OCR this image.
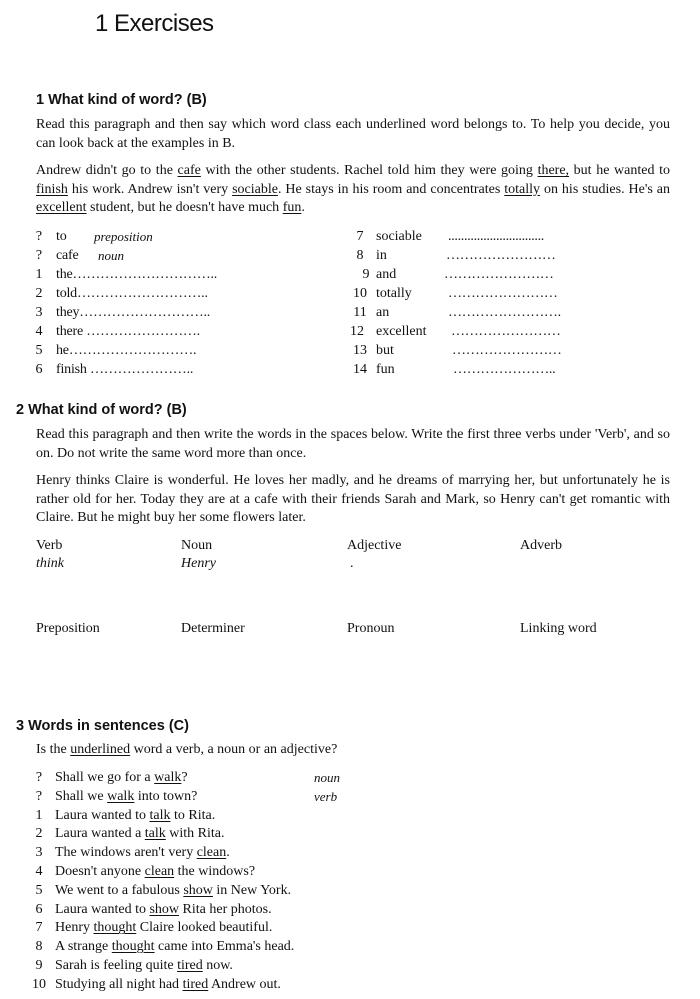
1 Exercises
1 What kind of word? (B)
Read this paragraph and then say which word class each underlined word belongs to. To help you decide, you can look back at the examples in B.
Andrew didn't go to the cafe with the other students. Rachel told him they were going there, but he wanted to finish his work. Andrew isn't very sociable. He stays in his room and concentrates totally on his studies. He's an excellent student, but he doesn't have much fun.
? to preposition
? cafe noun
1 the…………………………..
2 told………………………..
3 they………………………..
4 there …………………….
5 he……………………….
6 finish …………………..
7 sociable ..............................
8 in	……………………
9 and	……………………
10 totally	……………………
11 an	…………………….
12 excellent ……………………
13 but	……………………
14 fun	…………………..
2 What kind of word? (B)
Read this paragraph and then write the words in the spaces below. Write the first three verbs under 'Verb', and so on. Do not write the same word more than once.
Henry thinks Claire is wonderful. He loves her madly, and he dreams of marrying her, but unfortunately he is rather old for her. Today they are at a cafe with their friends Sarah and Mark, so Henry can't get romantic with Claire. But he might buy her some flowers later.
Verb	Noun	Adjective	Adverb
think	Henry	.
Preposition	Determiner	Pronoun	Linking word
3 Words in sentences (C)
Is the underlined word a verb, a noun or an adjective?
? Shall we go for a walk?	noun
? Shall we walk into town?	verb
1 Laura wanted to talk to Rita.
2 Laura wanted a talk with Rita.
3 The windows aren't very clean.
4 Doesn't anyone clean the windows?
5 We went to a fabulous show in New York.
6 Laura wanted to show Rita her photos.
7 Henry thought Claire looked beautiful.
8 A strange thought came into Emma's head.
9 Sarah is feeling quite tired now.
10 Studying all night had tired Andrew out.
